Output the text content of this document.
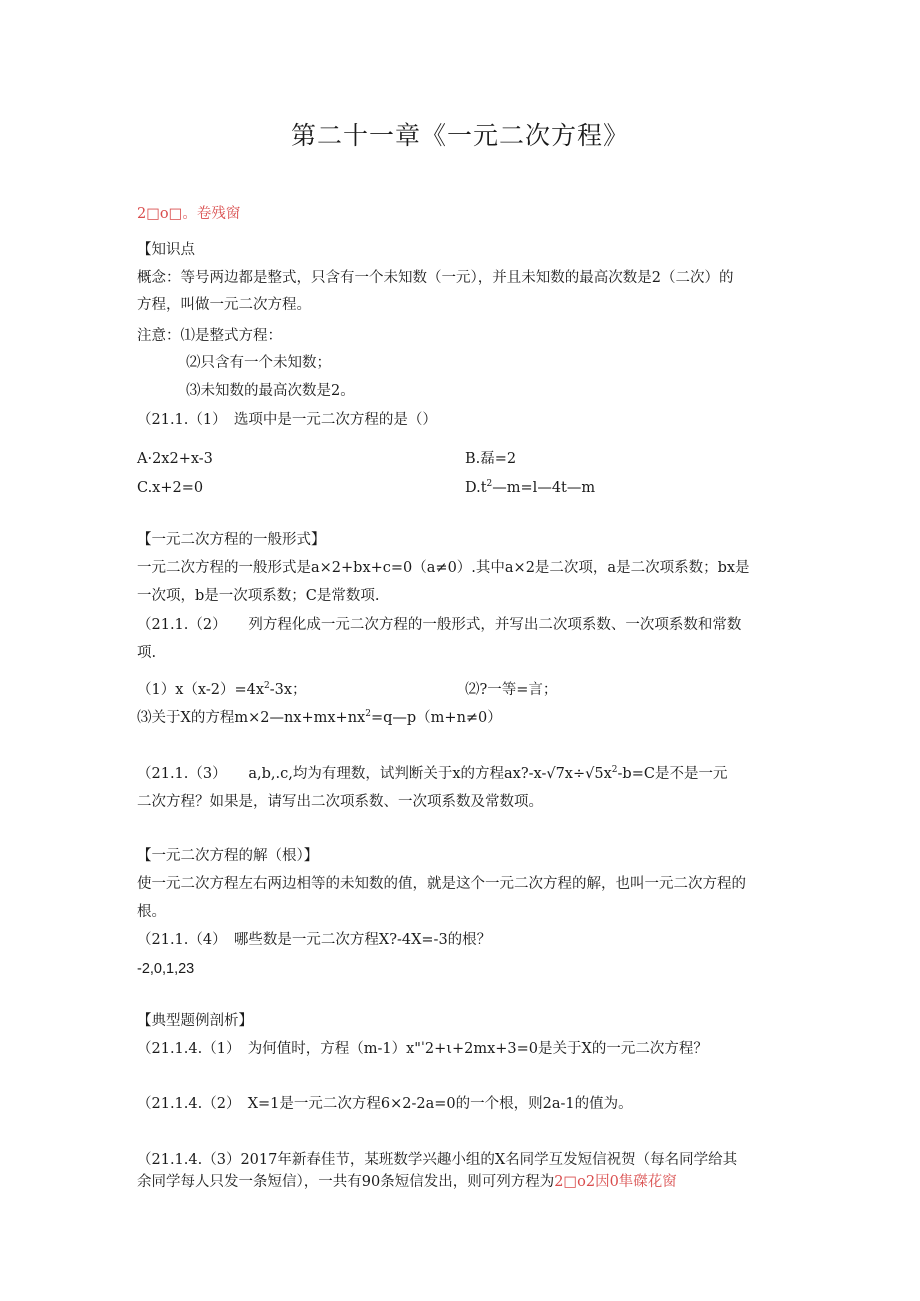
第二十一章《一元二次方程》
2□o□。卷残窗
【知识点
概念：等号两边都是整式，只含有一个未知数（一元），并且未知数的最高次数是2（二次）的
方程，叫做一元二次方程。
注意：⑴是整式方程：
⑵只含有一个未知数；
⑶未知数的最高次数是2。
（21.1.（1）　选项中是一元二次方程的是（）
A·2x2+x-3	B.磊=2
C.x+2=0	$D.t^2—m=l—4t—m$
【一元二次方程的一般形式】
一元二次方程的一般形式是a×2+bx+c=0（a≠0）.其中a×2是二次项，a是二次项系数；bx是
一次项，b是一次项系数；C是常数项.
（21.1.（2）　　列方程化成一元二次方程的一般形式，并写出二次项系数、一次项系数和常数
项.
$(1)x(x-2)=4x^2-3x$；	⑵?一等=言；
⑶关于X的方程$m\times 2—nx+mx+nx^2=q—p(m+n\ne 0)$
（21.1.（3）　　a,b,.c,均为有理数，试判断关于x的方程$ax?-x-√7x\div√5x^2-b=C$是不是一元
二次方程？如果是，请写出二次项系数、一次项系数及常数项。
【一元二次方程的解（根）】
使一元二次方程左右两边相等的未知数的值，就是这个一元二次方程的解，也叫一元二次方程的
根。
（21.1.（4）　哪些数是一元二次方程X?-4X=-3的根？
-2,0,1,23
【典型题例剖析】
（21.1.4.（1）　为何值时，方程（m-1）x"ˈ2+ι+2mx+3=0是关于X的一元二次方程？
（21.1.4.（2）　X=1是一元二次方程6×2-2a=0的一个根，则2a-1的值为。
（21.1.4.（3）2017年新春佳节，某班数学兴趣小组的X名同学互发短信祝贺（每名同学给其
余同学每人只发一条短信），一共有90条短信发出，则可列方程为2□o2因0隼磔花窗
